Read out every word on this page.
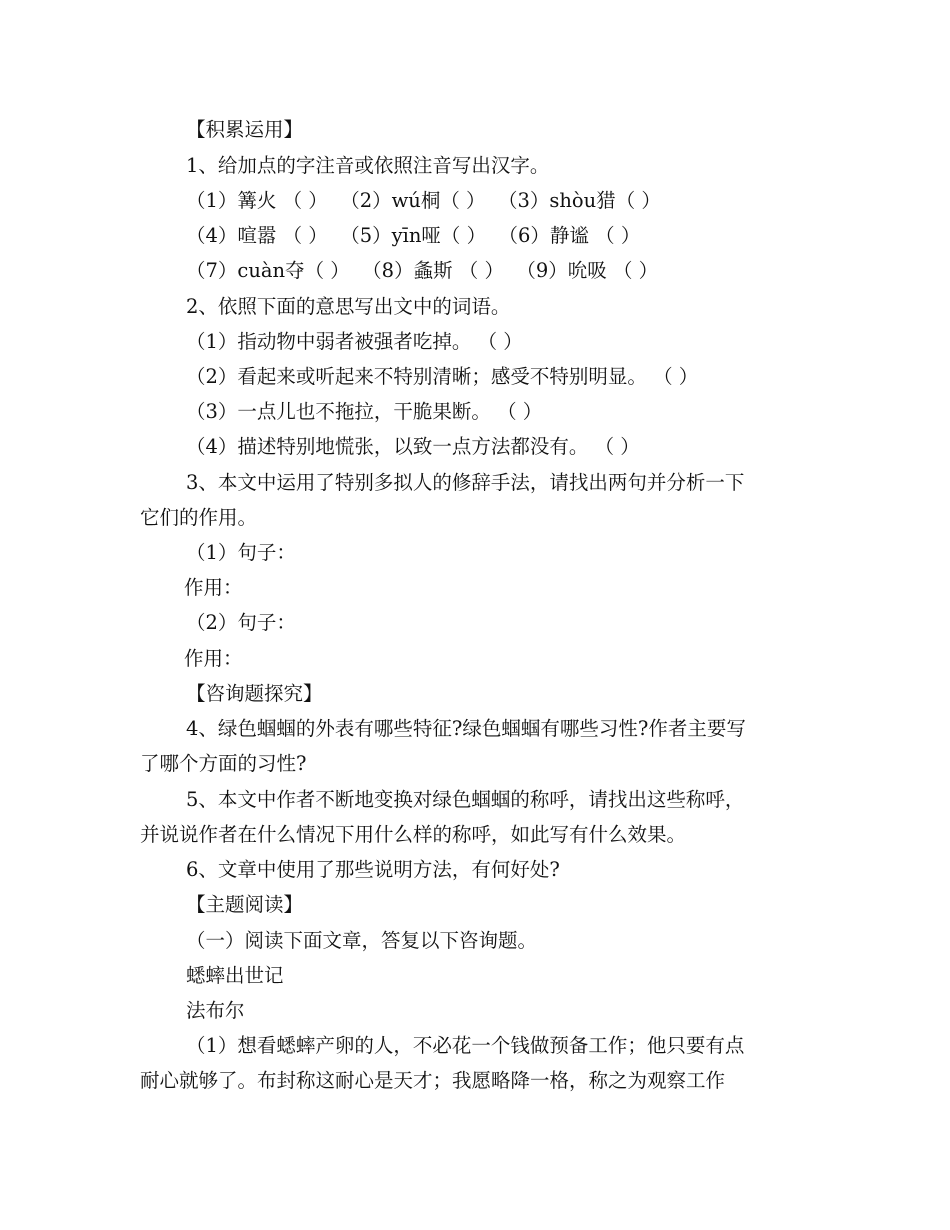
【积累运用】
1、给加点的字注音或依照注音写出汉字。
（1）篝火 （ ）  （2）wú桐（ ）  （3）shòu猎（ ）
（4）喧嚣 （ ）  （5）yīn哑（ ）  （6）静谧 （ ）
（7）cuàn夺（ ）  （8）螽斯 （ ）  （9）吮吸 （ ）
2、依照下面的意思写出文中的词语。
（1）指动物中弱者被强者吃掉。 （ ）
（2）看起来或听起来不特别清晰；感受不特别明显。 （ ）
（3）一点儿也不拖拉，干脆果断。 （ ）
（4）描述特别地慌张，以致一点方法都没有。 （ ）
3、本文中运用了特别多拟人的修辞手法，请找出两句并分析一下
它们的作用。
（1）句子：
作用：
（2）句子：
作用：
【咨询题探究】
4、绿色蝈蝈的外表有哪些特征?绿色蝈蝈有哪些习性?作者主要写
了哪个方面的习性?
5、本文中作者不断地变换对绿色蝈蝈的称呼，请找出这些称呼，
并说说作者在什么情况下用什么样的称呼，如此写有什么效果。
6、文章中使用了那些说明方法，有何好处?
【主题阅读】
（一）阅读下面文章，答复以下咨询题。
蟋蟀出世记
法布尔
（1）想看蟋蟀产卵的人，不必花一个钱做预备工作；他只要有点
耐心就够了。布封称这耐心是天才；我愿略降一格，称之为观察工作
